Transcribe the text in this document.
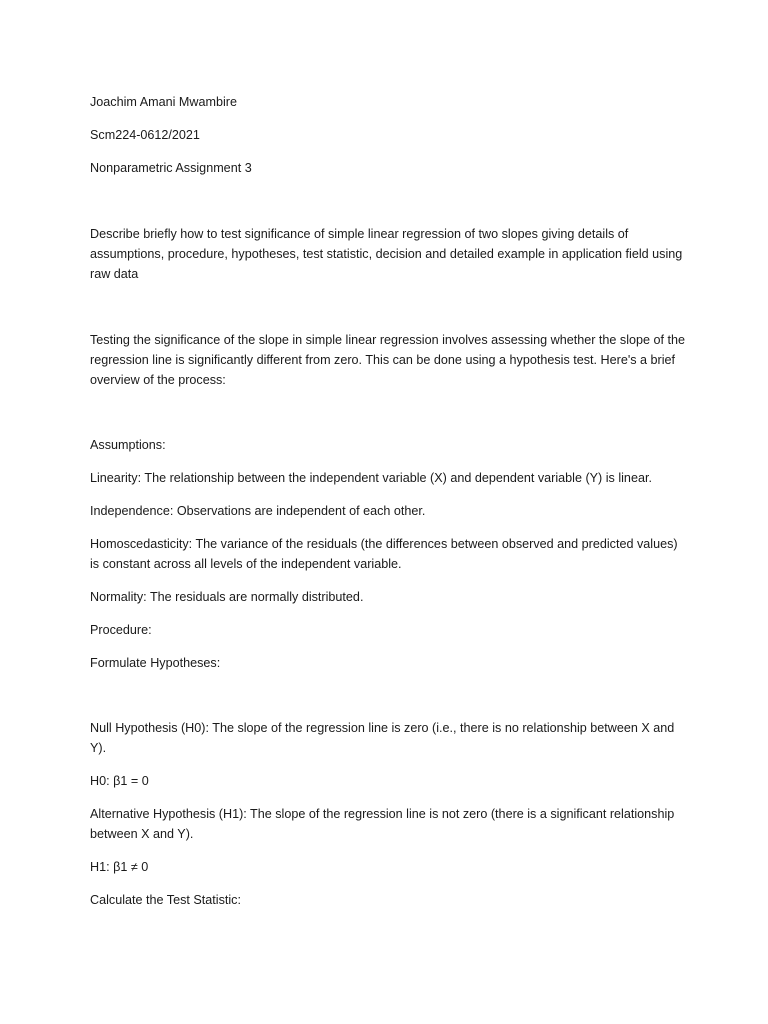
Joachim Amani Mwambire

Scm224-0612/2021

Nonparametric Assignment 3

Describe briefly how to test significance of simple linear regression of two slopes giving details of assumptions, procedure, hypotheses, test statistic, decision and detailed example in application field using raw data

Testing the significance of the slope in simple linear regression involves assessing whether the slope of the regression line is significantly different from zero. This can be done using a hypothesis test. Here's a brief overview of the process:

Assumptions:

Linearity: The relationship between the independent variable (X) and dependent variable (Y) is linear.

Independence: Observations are independent of each other.

Homoscedasticity: The variance of the residuals (the differences between observed and predicted values) is constant across all levels of the independent variable.

Normality: The residuals are normally distributed.

Procedure:

Formulate Hypotheses:

Null Hypothesis (H0): The slope of the regression line is zero (i.e., there is no relationship between X and Y).

H0: β1 = 0

Alternative Hypothesis (H1): The slope of the regression line is not zero (there is a significant relationship between X and Y).

H1: β1 ≠ 0

Calculate the Test Statistic:
